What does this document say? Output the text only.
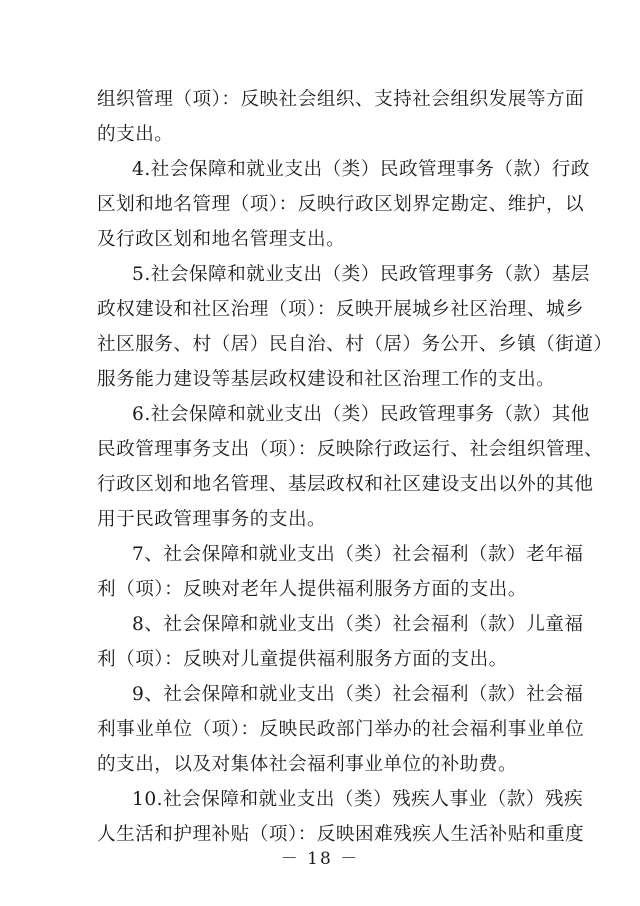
组织管理（项）：反映社会组织、支持社会组织发展等方面
的支出。
4.社会保障和就业支出（类）民政管理事务（款）行政
区划和地名管理（项）：反映行政区划界定勘定、维护，以
及行政区划和地名管理支出。
5.社会保障和就业支出（类）民政管理事务（款）基层
政权建设和社区治理（项）：反映开展城乡社区治理、城乡
社区服务、村（居）民自治、村（居）务公开、乡镇（街道）
服务能力建设等基层政权建设和社区治理工作的支出。
6.社会保障和就业支出（类）民政管理事务（款）其他
民政管理事务支出（项）：反映除行政运行、社会组织管理、
行政区划和地名管理、基层政权和社区建设支出以外的其他
用于民政管理事务的支出。
7、社会保障和就业支出（类）社会福利（款）老年福
利（项）：反映对老年人提供福利服务方面的支出。
8、社会保障和就业支出（类）社会福利（款）儿童福
利（项）：反映对儿童提供福利服务方面的支出。
9、社会保障和就业支出（类）社会福利（款）社会福
利事业单位（项）：反映民政部门举办的社会福利事业单位
的支出，以及对集体社会福利事业单位的补助费。
10.社会保障和就业支出（类）残疾人事业（款）残疾
人生活和护理补贴（项）：反映困难残疾人生活补贴和重度
－ 18 －
